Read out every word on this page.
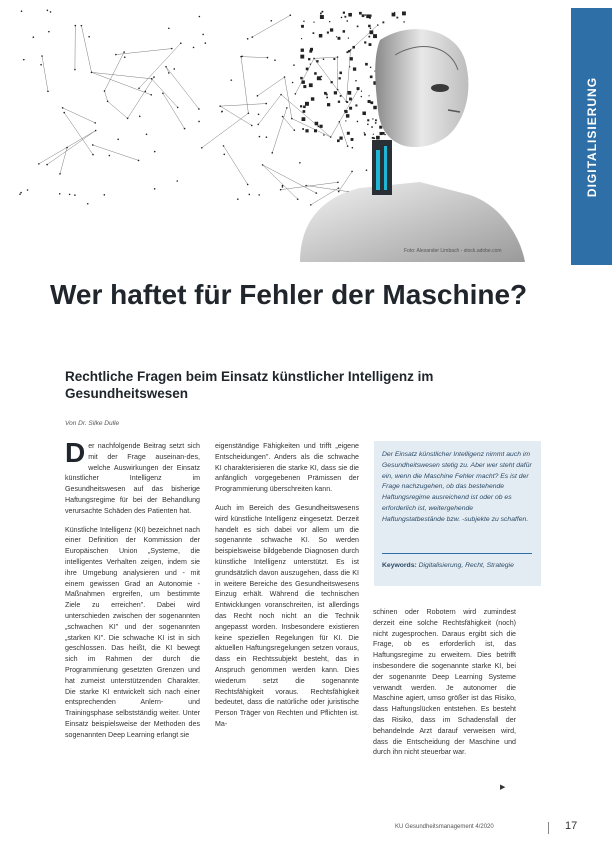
Foto: Alexander Limbach - stock.adobe.com
DIGITALISIERUNG
Wer haftet für Fehler der Maschine?
Rechtliche Fragen beim Einsatz künstlicher Intelligenz im Gesundheitswesen
Von Dr. Silke Dulle

Der nachfolgende Beitrag setzt sich mit der Frage auseinan-des, welche Auswirkungen der Einsatz künstlicher Intelligenz im Gesundheitswesen auf das bisherige Haftungsregime für bei der Behandlung verursachte Schäden des Patienten hat.

Künstliche Intelligenz (KI) bezeichnet nach einer Definition der Kommission der Europäischen Union „Systeme, die intelligentes Verhalten zeigen, indem sie ihre Umgebung analysieren und - mit einem gewissen Grad an Autonomie - Maßnahmen ergreifen, um bestimmte Ziele zu erreichen". Dabei wird unterschieden zwischen der sogenannten „schwachen KI" und der sogenannten „starken KI". Die schwache KI ist in sich geschlossen. Das heißt, die KI bewegt sich im Rahmen der durch die Programmierung gesetzten Grenzen und hat zumeist unterstützenden Charakter. Die starke KI entwickelt sich nach einer entsprechenden Anlern- und Trainingsphase selbstständig weiter. Unter Einsatz beispielsweise der Methoden des sogenannten Deep Learning erlangt sie

eigenständige Fähigkeiten und trifft „eigene Entscheidungen". Anders als die schwache KI charakterisieren die starke KI, dass sie die anfänglich vorgegebenen Prämissen der Programmierung überschreiten kann.

Auch im Bereich des Gesundheitswesens wird künstliche Intelligenz eingesetzt. Derzeit handelt es sich dabei vor allem um die sogenannte schwache KI. So werden beispielsweise bildgebende Diagnosen durch künstliche Intelligenz unterstützt. Es ist grundsätzlich davon auszugehen, dass die KI in weitere Bereiche des Gesundheitswesens Einzug erhält. Während die technischen Entwicklungen voranschreiten, ist allerdings das Recht noch nicht an die Technik angepasst worden. Insbesondere existieren keine speziellen Regelungen für KI. Die aktuellen Haftungsregelungen setzen voraus, dass ein Rechtssubjekt besteht, das in Anspruch genommen werden kann. Dies wiederum setzt die sogenannte Rechtsfähigkeit voraus. Rechtsfähigkeit bedeutet, dass die natürliche oder juristische Person Träger von Rechten und Pflichten ist. Ma-

Der Einsatz künstlicher Intelligenz nimmt auch im Gesundheitswesen stetig zu. Aber wer steht dafür ein, wenn die Maschine Fehler macht? Es ist der Frage nachzugehen, ob das bestehende Haftungsregime ausreichend ist oder ob es erforderlich ist, weitergehende Haftungstatbestände bzw. -subjekte zu schaffen.
Keywords: Digitalisierung, Recht, Strategie

schinen oder Robotern wird zumindest derzeit eine solche Rechtsfähigkeit (noch) nicht zugesprochen. Daraus ergibt sich die Frage, ob es erforderlich ist, das Haftungsregime zu erweitern. Dies betrifft insbesondere die sogenannte starke KI, bei der sogenannte Deep Learning Systeme verwandt werden. Je autonomer die Maschine agiert, umso größer ist das Risiko, dass Haftungslücken entstehen. Es besteht das Risiko, dass im Schadensfall der behandelnde Arzt darauf verweisen wird, dass die Entscheidung der Maschine und durch ihn nicht steuerbar war.

▶
KU Gesundheitsmanagement 4/2020	17
